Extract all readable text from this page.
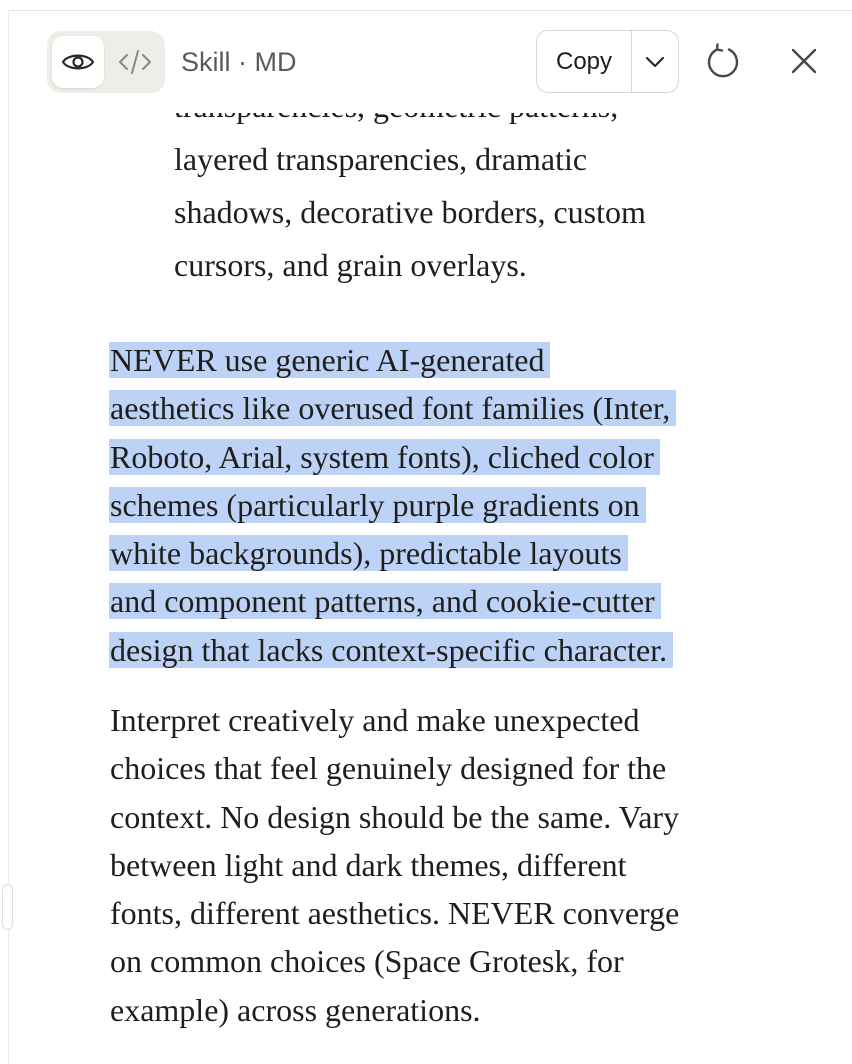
layered transparencies, dramatic
shadows, decorative borders, custom
cursors, and grain overlays.
NEVER use generic AI-generated
aesthetics like overused font families (Inter,
Roboto, Arial, system fonts), cliched color
schemes (particularly purple gradients on
white backgrounds), predictable layouts
and component patterns, and cookie-cutter
design that lacks context-specific character.
Interpret creatively and make unexpected
choices that feel genuinely designed for the
context. No design should be the same. Vary
between light and dark themes, different
fonts, different aesthetics. NEVER converge
on common choices (Space Grotesk, for
example) across generations.
Skill · MD	Copy
